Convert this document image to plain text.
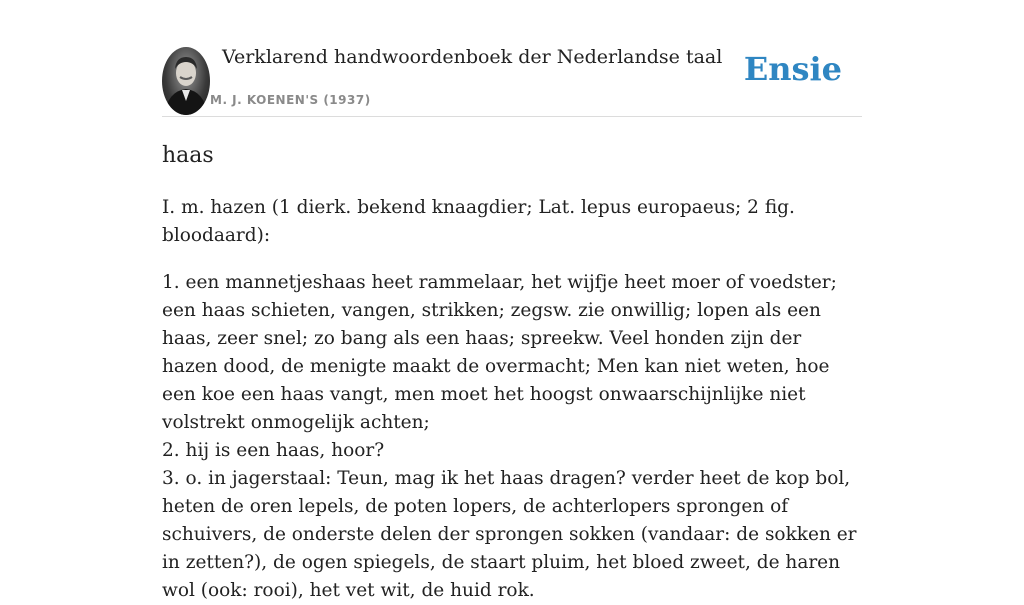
Verklarend handwoordenboek der Nederlandse taal
M. J. KOENEN'S (1937)
Ensie
haas

I. m. hazen (1 dierk. bekend knaagdier; Lat. lepus europaeus; 2 fig. bloodaard):

1. een mannetjeshaas heet rammelaar, het wijfje heet moer of voedster; een haas schieten, vangen, strikken; zegsw. zie onwillig; lopen als een haas, zeer snel; zo bang als een haas; spreekw. Veel honden zijn der hazen dood, de menigte maakt de overmacht; Men kan niet weten, hoe een koe een haas vangt, men moet het hoogst onwaarschijnlijke niet volstrekt onmogelijk achten;

2. hij is een haas, hoor?

3. o. in jagerstaal: Teun, mag ik het haas dragen? verder heet de kop bol, heten de oren lepels, de poten lopers, de achterlopers sprongen of schuivers, de onderste delen der sprongen sokken (vandaar: de sokken er in zetten?), de ogen spiegels, de staart pluim, het bloed zweet, de haren wol (ook: rooi), het vet wit, de huid rok.
